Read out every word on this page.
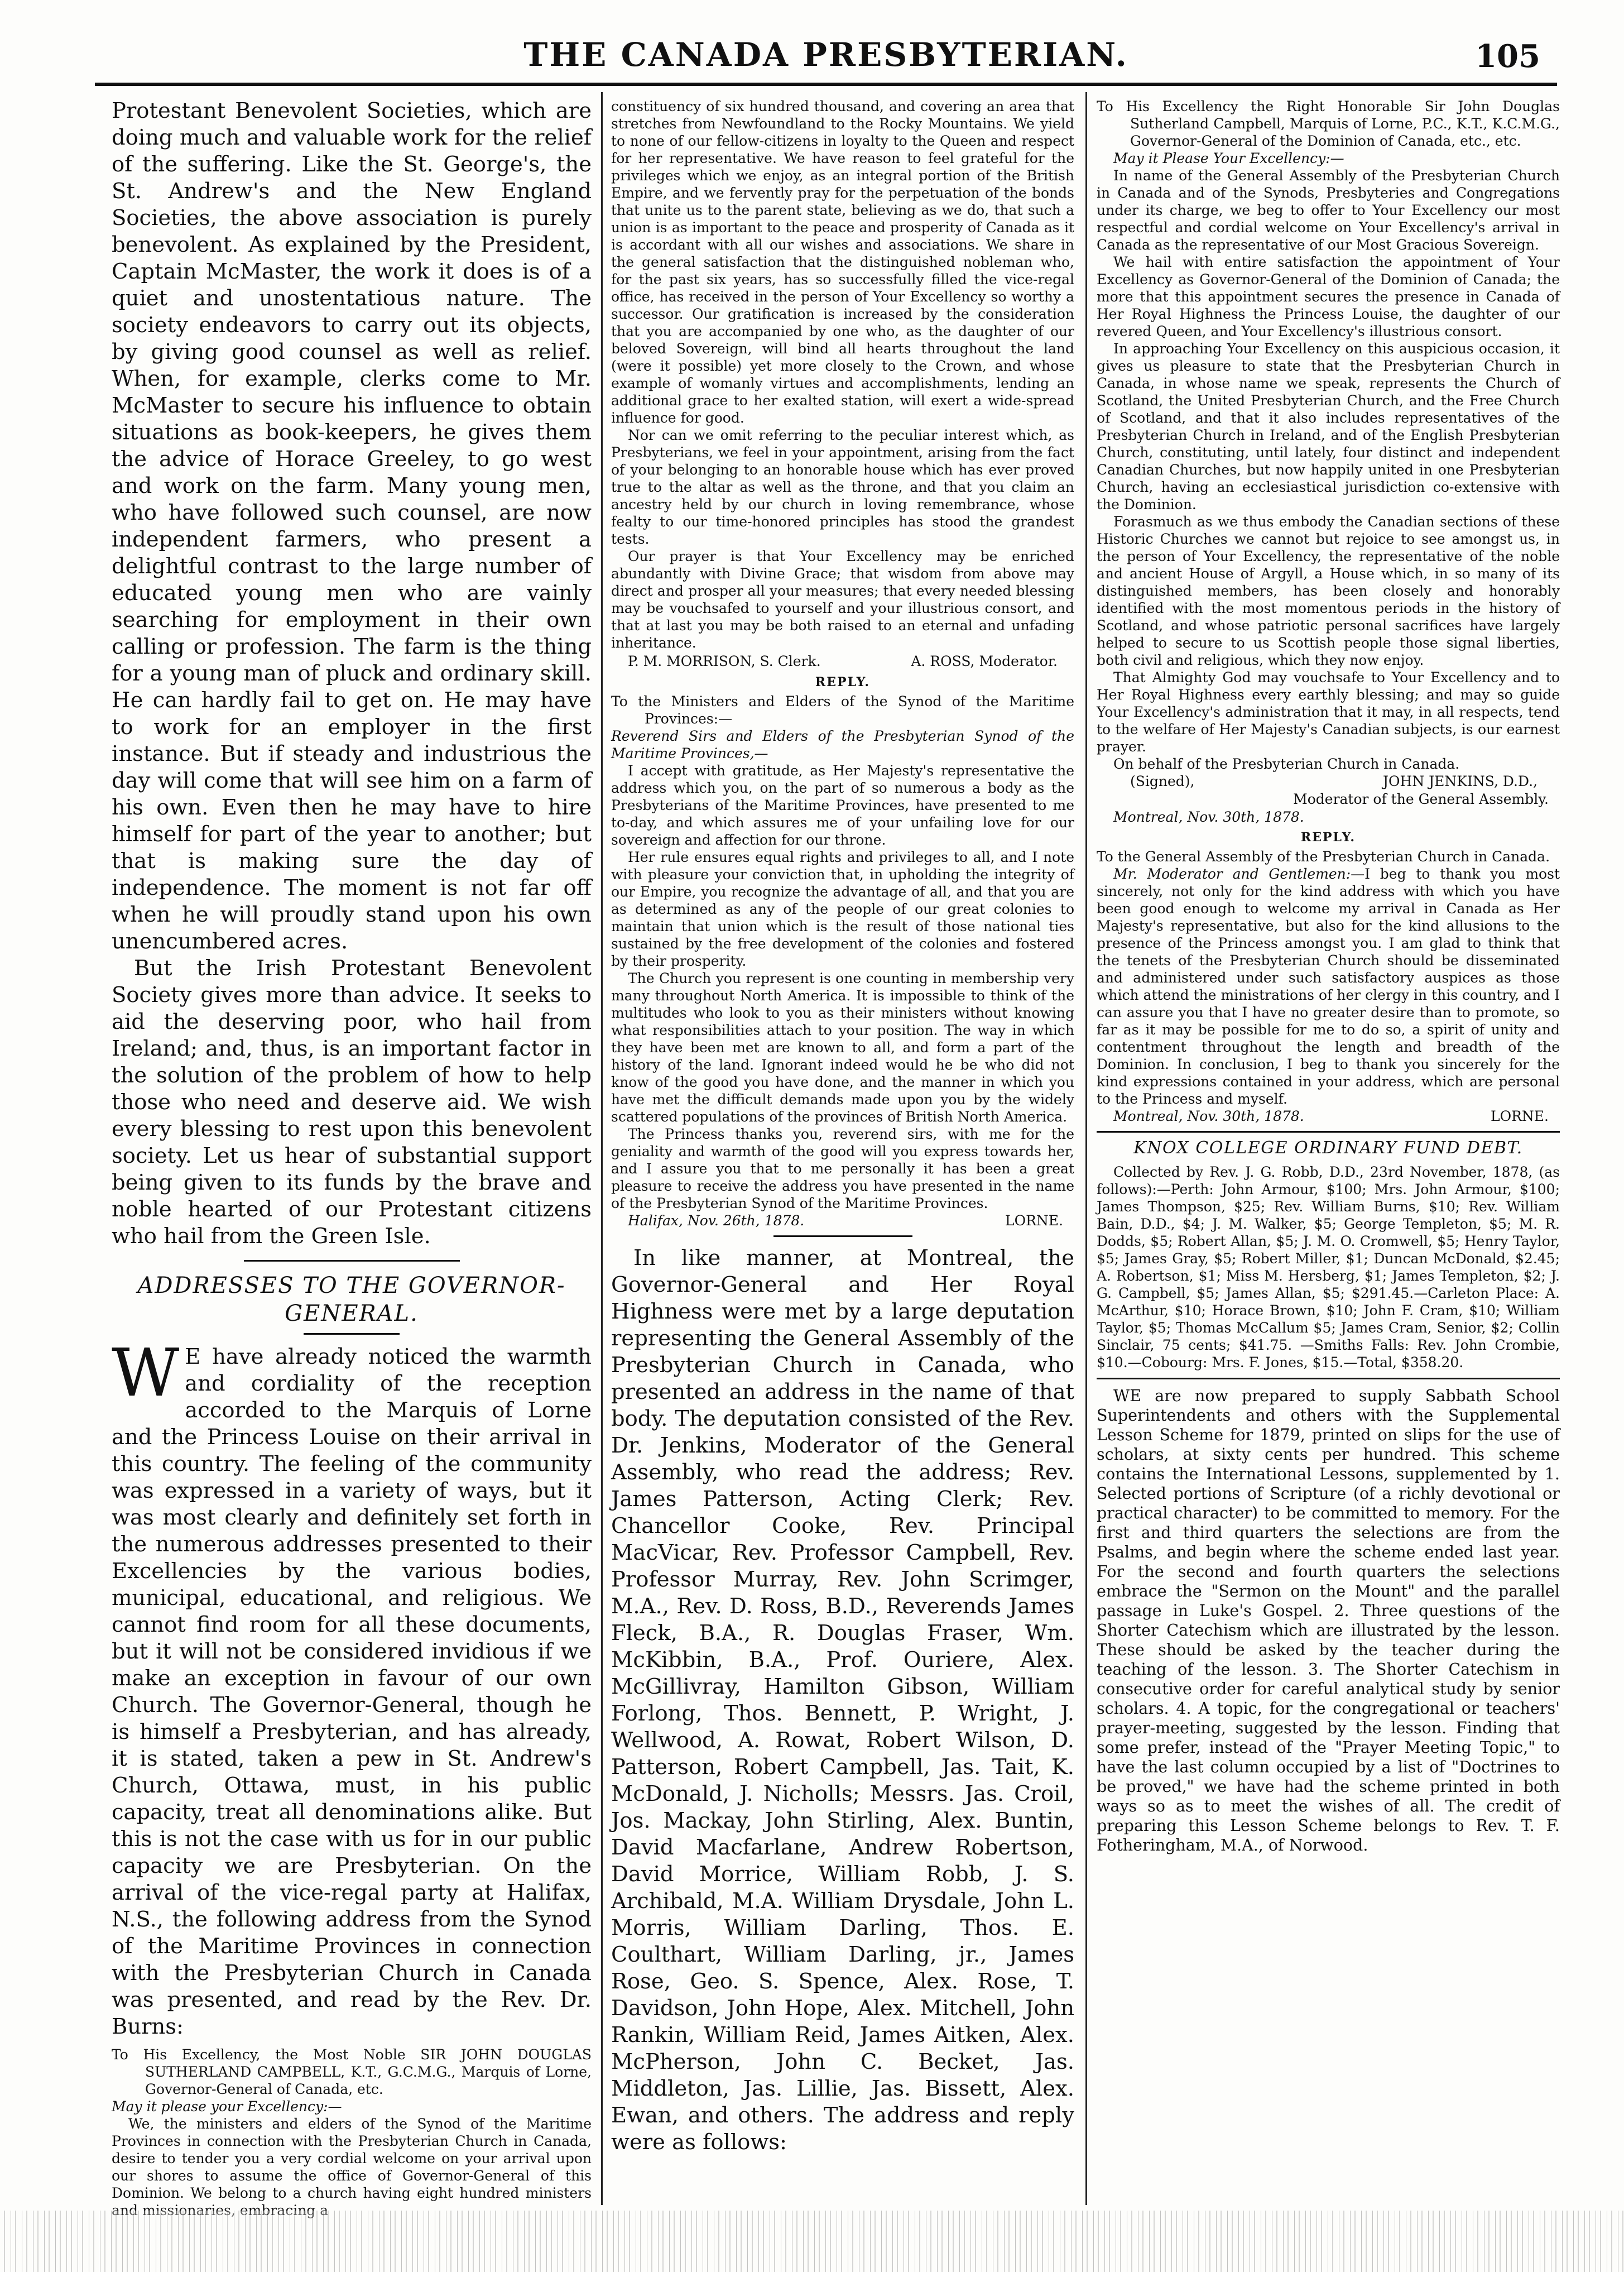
THE CANADA PRESBYTERIAN.	105

Protestant Benevolent Societies, which are doing much and valuable work for the relief of the suffering. Like the St. George's, the St. Andrew's and the New England Societies, the above association is purely benevolent. As explained by the President, Captain McMaster, the work it does is of a quiet and unostentatious nature. The society endeavors to carry out its objects, by giving good counsel as well as relief. When, for example, clerks come to Mr. McMaster to secure his influence to obtain situations as book-keepers, he gives them the advice of Horace Greeley, to go west and work on the farm. Many young men, who have followed such counsel, are now independent farmers, who present a delightful contrast to the large number of educated young men who are vainly searching for employment in their own calling or profession. The farm is the thing for a young man of pluck and ordinary skill. He can hardly fail to get on. He may have to work for an employer in the first instance. But if steady and industrious the day will come that will see him on a farm of his own. Even then he may have to hire himself for part of the year to another; but that is making sure the day of independence. The moment is not far off when he will proudly stand upon his own unencumbered acres.

But the Irish Protestant Benevolent Society gives more than advice. It seeks to aid the deserving poor, who hail from Ireland; and, thus, is an important factor in the solution of the problem of how to help those who need and deserve aid. We wish every blessing to rest upon this benevolent society. Let us hear of substantial support being given to its funds by the brave and noble hearted of our Protestant citizens who hail from the Green Isle.

ADDRESSES TO THE GOVERNOR-GENERAL.

W E have already noticed the warmth and cordiality of the reception accorded to the Marquis of Lorne and the Princess Louise on their arrival in this country. The feeling of the community was expressed in a variety of ways, but it was most clearly and definitely set forth in the numerous addresses presented to their Excellencies by the various bodies, municipal, educational, and religious. We cannot find room for all these documents, but it will not be considered invidious if we make an exception in favour of our own Church. The Governor-General, though he is himself a Presbyterian, and has already, it is stated, taken a pew in St. Andrew's Church, Ottawa, must, in his public capacity, treat all denominations alike. But this is not the case with us for in our public capacity we are Presbyterian. On the arrival of the vice-regal party at Halifax, N.S., the following address from the Synod of the Maritime Provinces in connection with the Presbyterian Church in Canada was presented, and read by the Rev. Dr. Burns:

To His Excellency, the Most Noble SIR JOHN DOUGLAS SUTHERLAND CAMPBELL, K.T., G.C.M.G., Marquis of Lorne, Governor-General of Canada, etc.

May it please your Excellency:—

We, the ministers and elders of the Synod of the Maritime Provinces in connection with the Presbyterian Church in Canada, desire to tender you a very cordial welcome on your arrival upon our shores to assume the office of Governor-General of this Dominion. We belong to a church having eight hundred ministers and missionaries, embracing a

constituency of six hundred thousand, and covering an area that stretches from Newfoundland to the Rocky Mountains. We yield to none of our fellow-citizens in loyalty to the Queen and respect for her representative. We have reason to feel grateful for the privileges which we enjoy, as an integral portion of the British Empire, and we fervently pray for the perpetuation of the bonds that unite us to the parent state, believing as we do, that such a union is as important to the peace and prosperity of Canada as it is accordant with all our wishes and associations. We share in the general satisfaction that the distinguished nobleman who, for the past six years, has so successfully filled the vice-regal office, has received in the person of Your Excellency so worthy a successor. Our gratification is increased by the consideration that you are accompanied by one who, as the daughter of our beloved Sovereign, will bind all hearts throughout the land (were it possible) yet more closely to the Crown, and whose example of womanly virtues and accomplishments, lending an additional grace to her exalted station, will exert a wide-spread influence for good.

Nor can we omit referring to the peculiar interest which, as Presbyterians, we feel in your appointment, arising from the fact of your belonging to an honorable house which has ever proved true to the altar as well as the throne, and that you claim an ancestry held by our church in loving remembrance, whose fealty to our time-honored principles has stood the grandest tests.

Our prayer is that Your Excellency may be enriched abundantly with Divine Grace; that wisdom from above may direct and prosper all your measures; that every needed blessing may be vouchsafed to yourself and your illustrious consort, and that at last you may be both raised to an eternal and unfading inheritance.

P. M. MORRISON, S. Clerk.	A. ROSS, Moderator.
REPLY.

To the Ministers and Elders of the Synod of the Maritime Provinces:—

Reverend Sirs and Elders of the Presbyterian Synod of the Maritime Provinces,—

I accept with gratitude, as Her Majesty's representative the address which you, on the part of so numerous a body as the Presbyterians of the Maritime Provinces, have presented to me to-day, and which assures me of your unfailing love for our sovereign and affection for our throne.

Her rule ensures equal rights and privileges to all, and I note with pleasure your conviction that, in upholding the integrity of our Empire, you recognize the advantage of all, and that you are as determined as any of the people of our great colonies to maintain that union which is the result of those national ties sustained by the free development of the colonies and fostered by their prosperity.

The Church you represent is one counting in membership very many throughout North America. It is impossible to think of the multitudes who look to you as their ministers without knowing what responsibilities attach to your position. The way in which they have been met are known to all, and form a part of the history of the land. Ignorant indeed would he be who did not know of the good you have done, and the manner in which you have met the difficult demands made upon you by the widely scattered populations of the provinces of British North America.

The Princess thanks you, reverend sirs, with me for the geniality and warmth of the good will you express towards her, and I assure you that to me personally it has been a great pleasure to receive the address you have presented in the name of the Presbyterian Synod of the Maritime Provinces.

Halifax, Nov. 26th, 1878.	LORNE.

In like manner, at Montreal, the Governor-General and Her Royal Highness were met by a large deputation representing the General Assembly of the Presbyterian Church in Canada, who presented an address in the name of that body. The deputation consisted of the Rev. Dr. Jenkins, Moderator of the General Assembly, who read the address; Rev. James Patterson, Acting Clerk; Rev. Chancellor Cooke, Rev. Principal MacVicar, Rev. Professor Campbell, Rev. Professor Murray, Rev. John Scrimger, M.A., Rev. D. Ross, B.D., Reverends James Fleck, B.A., R. Douglas Fraser, Wm. McKibbin, B.A., Prof. Ouriere, Alex. McGillivray, Hamilton Gibson, William Forlong, Thos. Bennett, P. Wright, J. Wellwood, A. Rowat, Robert Wilson, D. Patterson, Robert Campbell, Jas. Tait, K. McDonald, J. Nicholls; Messrs. Jas. Croil, Jos. Mackay, John Stirling, Alex. Buntin, David Macfarlane, Andrew Robertson, David Morrice, William Robb, J. S. Archibald, M.A. William Drysdale, John L. Morris, William Darling, Thos. E. Coulthart, William Darling, jr., James Rose, Geo. S. Spence, Alex. Rose, T. Davidson, John Hope, Alex. Mitchell, John Rankin, William Reid, James Aitken, Alex. McPherson, John C. Becket, Jas. Middleton, Jas. Lillie, Jas. Bissett, Alex. Ewan, and others. The address and reply were as follows:

To His Excellency the Right Honorable Sir John Douglas Sutherland Campbell, Marquis of Lorne, P.C., K.T., K.C.M.G., Governor-General of the Dominion of Canada, etc., etc.

May it Please Your Excellency:—

In name of the General Assembly of the Presbyterian Church in Canada and of the Synods, Presbyteries and Congregations under its charge, we beg to offer to Your Excellency our most respectful and cordial welcome on Your Excellency's arrival in Canada as the representative of our Most Gracious Sovereign.

We hail with entire satisfaction the appointment of Your Excellency as Governor-General of the Dominion of Canada; the more that this appointment secures the presence in Canada of Her Royal Highness the Princess Louise, the daughter of our revered Queen, and Your Excellency's illustrious consort.

In approaching Your Excellency on this auspicious occasion, it gives us pleasure to state that the Presbyterian Church in Canada, in whose name we speak, represents the Church of Scotland, the United Presbyterian Church, and the Free Church of Scotland, and that it also includes representatives of the Presbyterian Church in Ireland, and of the English Presbyterian Church, constituting, until lately, four distinct and independent Canadian Churches, but now happily united in one Presbyterian Church, having an ecclesiastical jurisdiction co-extensive with the Dominion.

Forasmuch as we thus embody the Canadian sections of these Historic Churches we cannot but rejoice to see amongst us, in the person of Your Excellency, the representative of the noble and ancient House of Argyll, a House which, in so many of its distinguished members, has been closely and honorably identified with the most momentous periods in the history of Scotland, and whose patriotic personal sacrifices have largely helped to secure to us Scottish people those signal liberties, both civil and religious, which they now enjoy.

That Almighty God may vouchsafe to Your Excellency and to Her Royal Highness every earthly blessing; and may so guide Your Excellency's administration that it may, in all respects, tend to the welfare of Her Majesty's Canadian subjects, is our earnest prayer.

On behalf of the Presbyterian Church in Canada.

(Signed),	JOHN JENKINS, D.D.,
Moderator of the General Assembly.

Montreal, Nov. 30th, 1878.

REPLY.

To the General Assembly of the Presbyterian Church in Canada.

Mr. Moderator and Gentlemen:—I beg to thank you most sincerely, not only for the kind address with which you have been good enough to welcome my arrival in Canada as Her Majesty's representative, but also for the kind allusions to the presence of the Princess amongst you. I am glad to think that the tenets of the Presbyterian Church should be disseminated and administered under such satisfactory auspices as those which attend the ministrations of her clergy in this country, and I can assure you that I have no greater desire than to promote, so far as it may be possible for me to do so, a spirit of unity and contentment throughout the length and breadth of the Dominion. In conclusion, I beg to thank you sincerely for the kind expressions contained in your address, which are personal to the Princess and myself.

Montreal, Nov. 30th, 1878.	LORNE.
KNOX COLLEGE ORDINARY FUND DEBT.

Collected by Rev. J. G. Robb, D.D., 23rd November, 1878, (as follows):—Perth: John Armour, $100; Mrs. John Armour, $100; James Thompson, $25; Rev. William Burns, $10; Rev. William Bain, D.D., $4; J. M. Walker, $5; George Templeton, $5; M. R. Dodds, $5; Robert Allan, $5; J. M. O. Cromwell, $5; Henry Taylor, $5; James Gray, $5; Robert Miller, $1; Duncan McDonald, $2.45; A. Robertson, $1; Miss M. Hersberg, $1; James Templeton, $2; J. G. Campbell, $5; James Allan, $5; $291.45.—Carleton Place: A. McArthur, $10; Horace Brown, $10; John F. Cram, $10; William Taylor, $5; Thomas McCallum $5; James Cram, Senior, $2; Collin Sinclair, 75 cents; $41.75. —Smiths Falls: Rev. John Crombie, $10.—Cobourg: Mrs. F. Jones, $15.—Total, $358.20.

WE are now prepared to supply Sabbath School Superintendents and others with the Supplemental Lesson Scheme for 1879, printed on slips for the use of scholars, at sixty cents per hundred. This scheme contains the International Lessons, supplemented by 1. Selected portions of Scripture (of a richly devotional or practical character) to be committed to memory. For the first and third quarters the selections are from the Psalms, and begin where the scheme ended last year. For the second and fourth quarters the selections embrace the "Sermon on the Mount" and the parallel passage in Luke's Gospel. 2. Three questions of the Shorter Catechism which are illustrated by the lesson. These should be asked by the teacher during the teaching of the lesson. 3. The Shorter Catechism in consecutive order for careful analytical study by senior scholars. 4. A topic, for the congregational or teachers' prayer-meeting, suggested by the lesson. Finding that some prefer, instead of the "Prayer Meeting Topic," to have the last column occupied by a list of "Doctrines to be proved," we have had the scheme printed in both ways so as to meet the wishes of all. The credit of preparing this Lesson Scheme belongs to Rev. T. F. Fotheringham, M.A., of Norwood.
